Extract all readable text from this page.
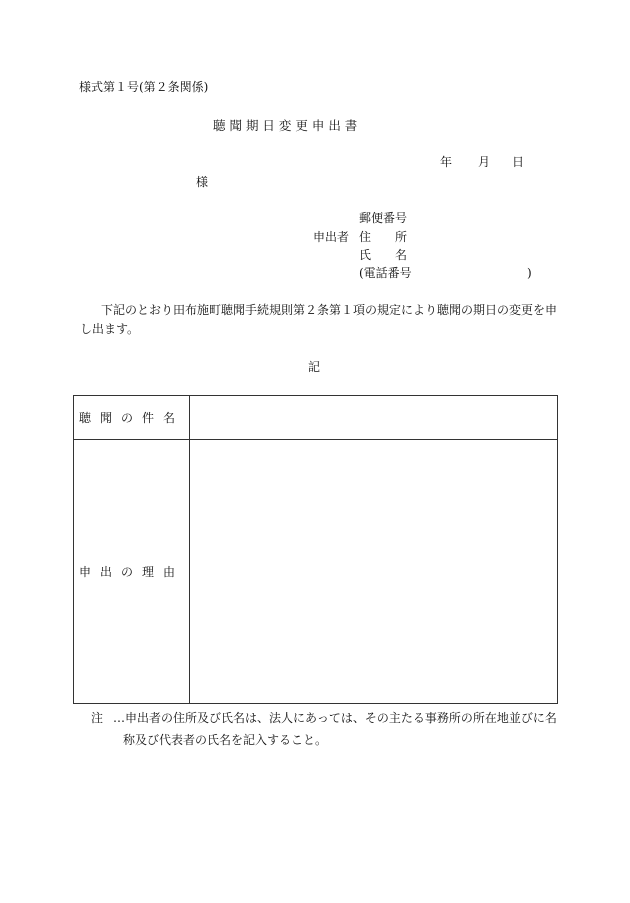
様式第１号(第２条関係)
聴 聞 期 日 変 更 申 出 書
年 月 日
様
郵便番号
申出者 住　　所
氏　　名
(電話番号	)
下記のとおり田布施町聴聞手続規則第２条第１項の規定により聴聞の期日の変更を申
し出ます。
記
聴聞の件名	
申出の理由	
注 …申出者の住所及び氏名は、法人にあっては、その主たる事務所の所在地並びに名
称及び代表者の氏名を記入すること。
